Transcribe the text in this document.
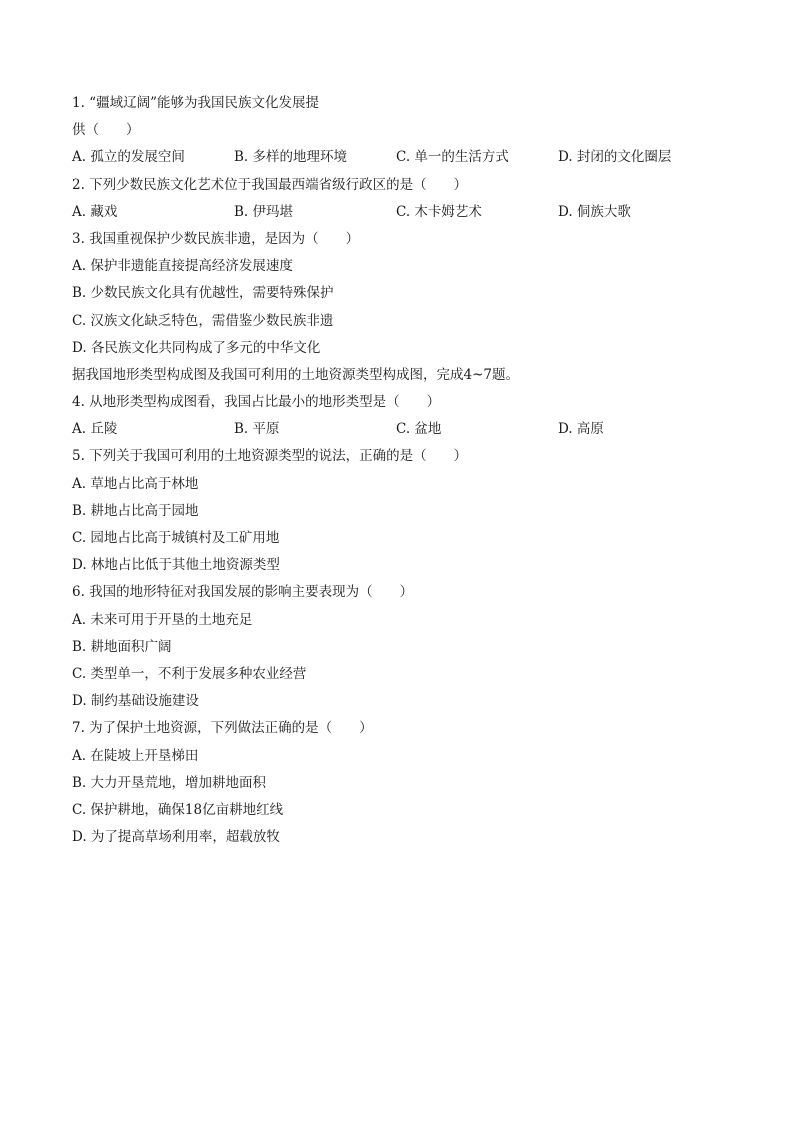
1. “疆域辽阔”能够为我国民族文化发展提
供（　　）
A. 孤立的发展空间	B. 多样的地理环境	C. 单一的生活方式	D. 封闭的文化圈层
2. 下列少数民族文化艺术位于我国最西端省级行政区的是（　　）
A. 藏戏	B. 伊玛堪	C. 木卡姆艺术	D. 侗族大歌
3. 我国重视保护少数民族非遗，是因为（　　）
A. 保护非遗能直接提高经济发展速度
B. 少数民族文化具有优越性，需要特殊保护
C. 汉族文化缺乏特色，需借鉴少数民族非遗
D. 各民族文化共同构成了多元的中华文化
据我国地形类型构成图及我国可利用的土地资源类型构成图，完成4~7题。
4. 从地形类型构成图看，我国占比最小的地形类型是（　　）
A. 丘陵	B. 平原	C. 盆地	D. 高原
5. 下列关于我国可利用的土地资源类型的说法，正确的是（　　）
A. 草地占比高于林地
B. 耕地占比高于园地
C. 园地占比高于城镇村及工矿用地
D. 林地占比低于其他土地资源类型
6. 我国的地形特征对我国发展的影响主要表现为（　　）
A. 未来可用于开垦的土地充足
B. 耕地面积广阔
C. 类型单一，不利于发展多种农业经营
D. 制约基础设施建设
7. 为了保护土地资源，下列做法正确的是（　　）
A. 在陡坡上开垦梯田
B. 大力开垦荒地，增加耕地面积
C. 保护耕地，确保18亿亩耕地红线
D. 为了提高草场利用率，超载放牧
